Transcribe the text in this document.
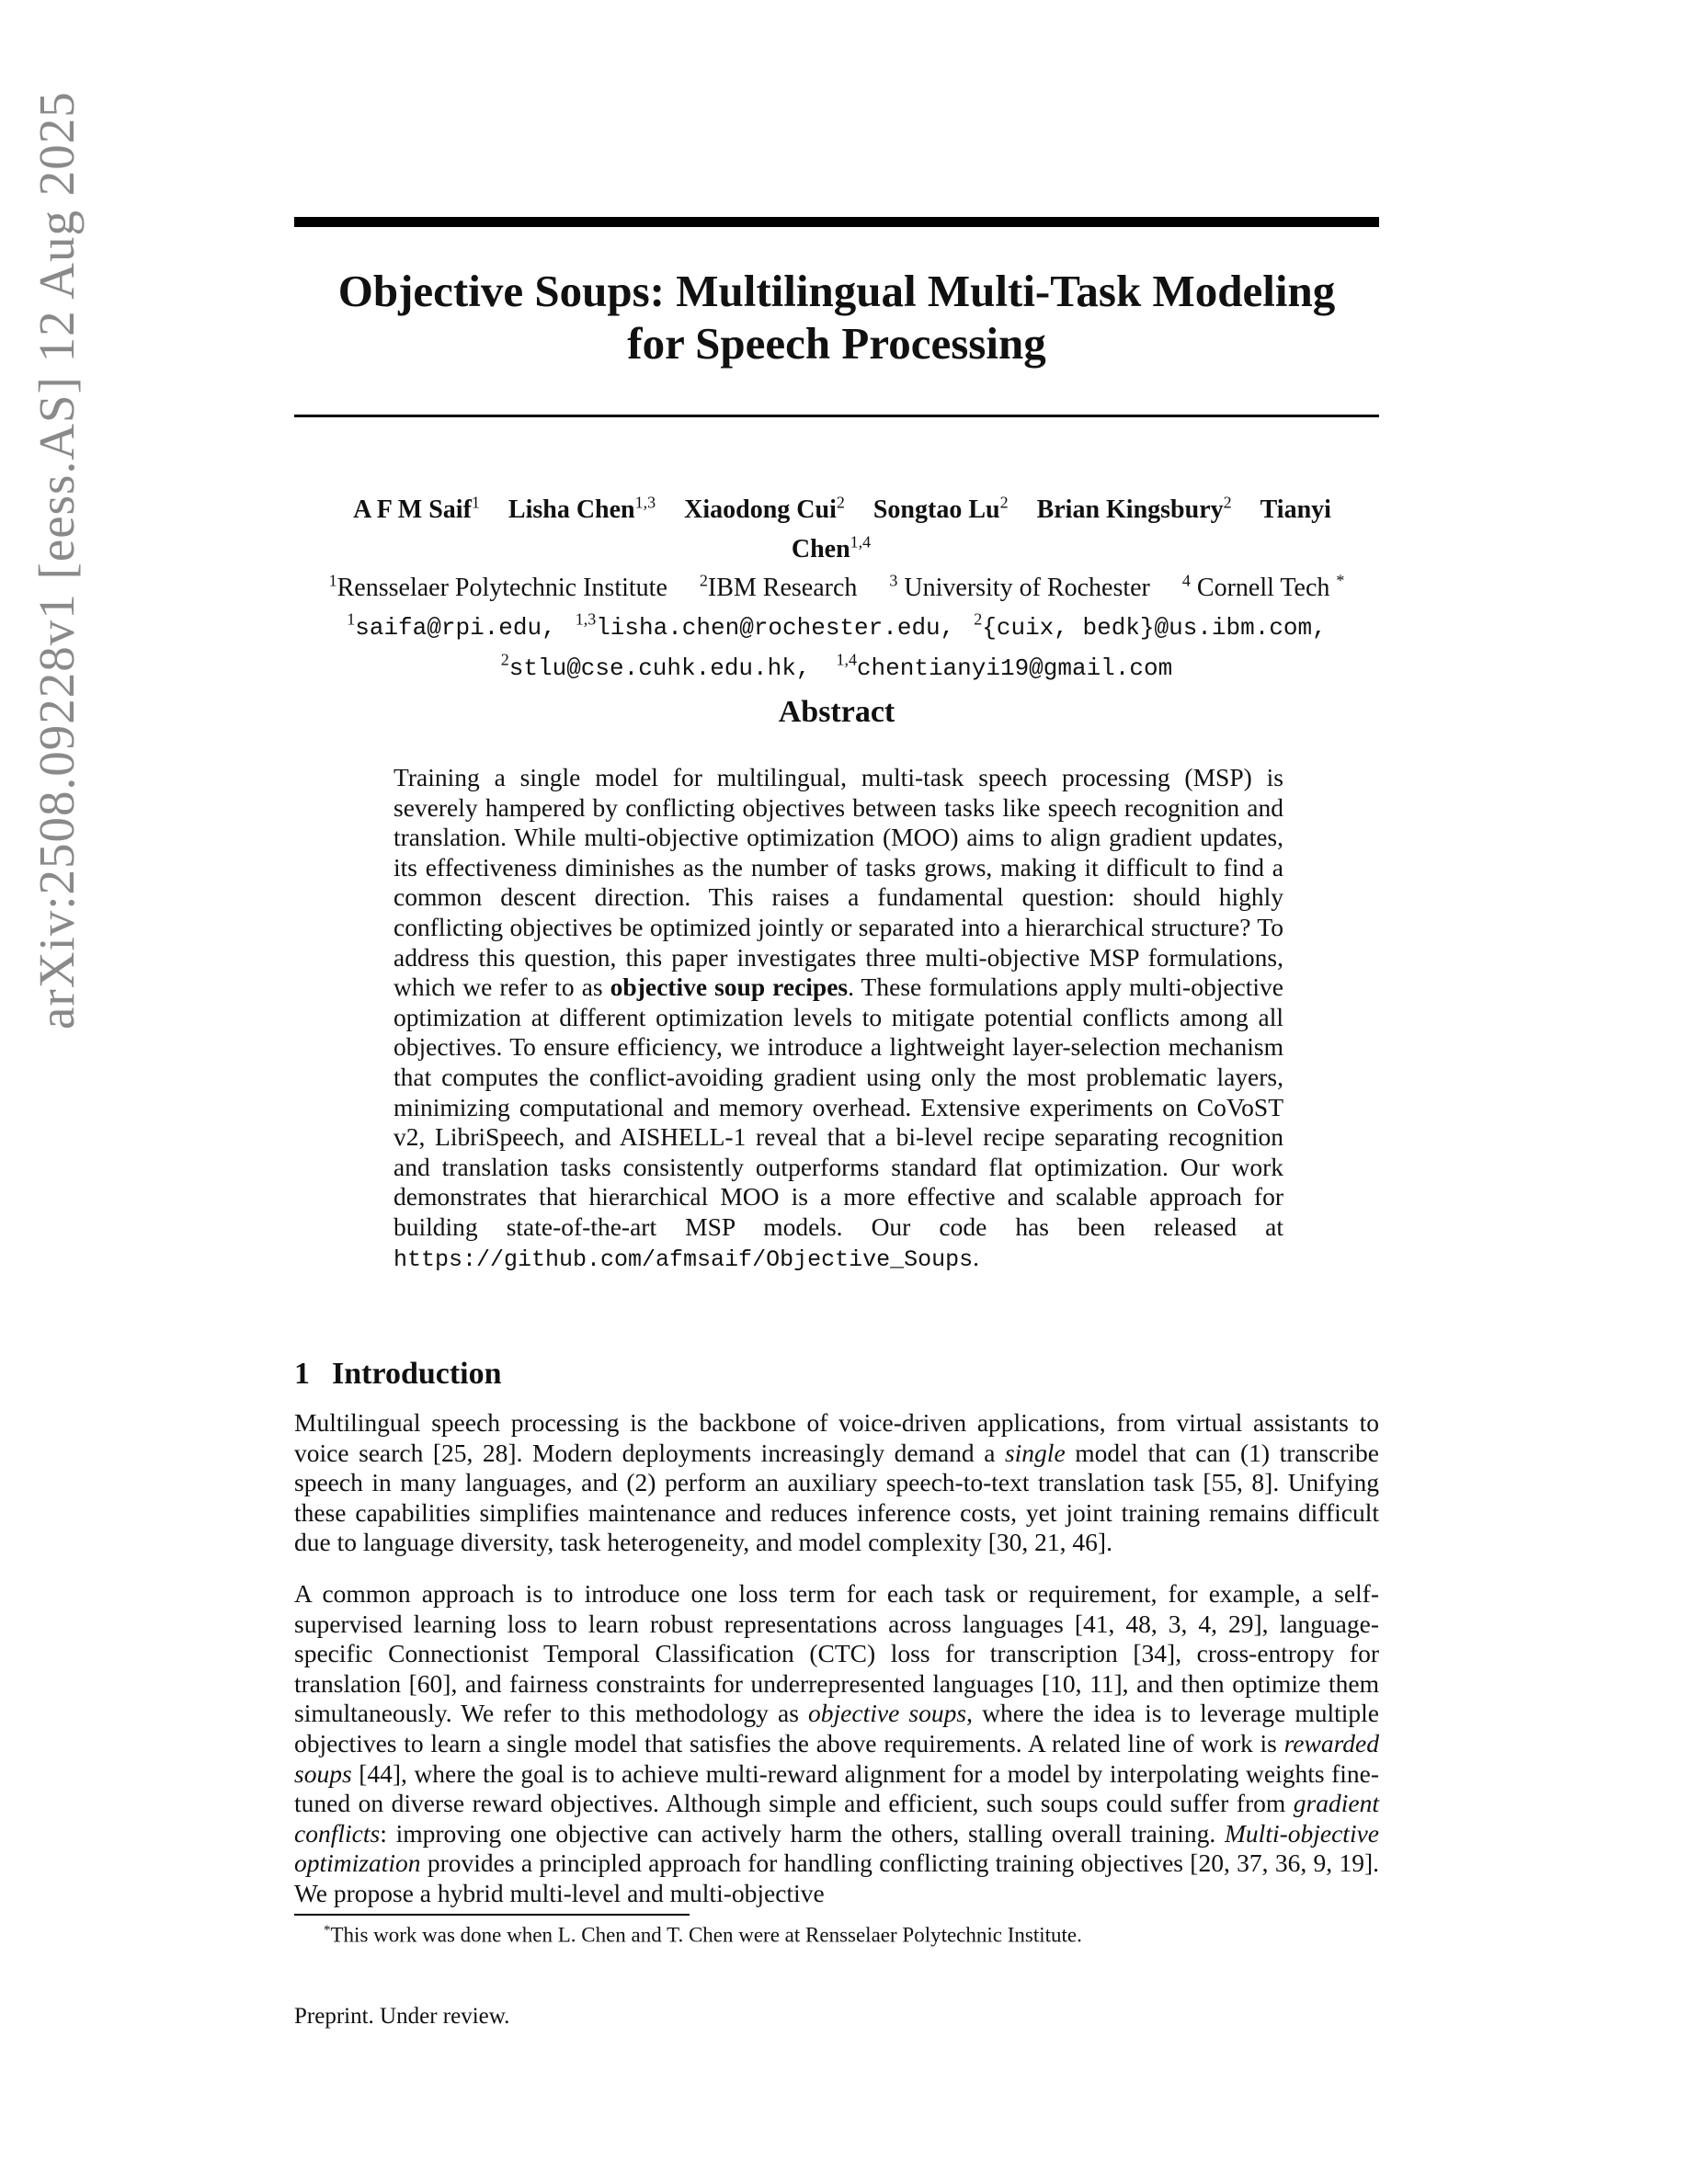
arXiv:2508.09228v1 [eess.AS] 12 Aug 2025	Objective Soups: Multilingual Multi-Task Modeling
for Speech Processing
A F M Saif$^1$ Lisha Chen$^{1,3}$ Xiaodong Cui$^2$ Songtao Lu$^2$ Brian Kingsbury$^2$ Tianyi Chen$^{1,4}$
$^1$Rensselaer Polytechnic Institute $^2$IBM Research $^3$ University of Rochester $^4$ Cornell Tech *
$^1$saifa@rpi.edu, $^{1,3}$lisha.chen@rochester.edu, $^2${cuix, bedk}@us.ibm.com,
$^2$stlu@cse.cuhk.edu.hk, $^{1,4}$chentianyi19@gmail.com
Abstract

Training a single model for multilingual, multi-task speech processing (MSP) is severely hampered by conflicting objectives between tasks like speech recognition and translation. While multi-objective optimization (MOO) aims to align gradient updates, its effectiveness diminishes as the number of tasks grows, making it difficult to find a common descent direction. This raises a fundamental question: should highly conflicting objectives be optimized jointly or separated into a hierarchical structure? To address this question, this paper investigates three multi-objective MSP formulations, which we refer to as objective soup recipes. These formulations apply multi-objective optimization at different optimization levels to mitigate potential conflicts among all objectives. To ensure efficiency, we introduce a lightweight layer-selection mechanism that computes the conflict-avoiding gradient using only the most problematic layers, minimizing computational and memory overhead. Extensive experiments on CoVoST v2, LibriSpeech, and AISHELL-1 reveal that a bi-level recipe separating recognition and translation tasks consistently outperforms standard flat optimization. Our work demonstrates that hierarchical MOO is a more effective and scalable approach for building state-of-the-art MSP models. Our code has been released at https://github.com/afmsaif/Objective_Soups.

1 Introduction

Multilingual speech processing is the backbone of voice-driven applications, from virtual assistants to voice search [25, 28]. Modern deployments increasingly demand a single model that can (1) transcribe speech in many languages, and (2) perform an auxiliary speech-to-text translation task [55, 8]. Unifying these capabilities simplifies maintenance and reduces inference costs, yet joint training remains difficult due to language diversity, task heterogeneity, and model complexity [30, 21, 46].

A common approach is to introduce one loss term for each task or requirement, for example, a self-supervised learning loss to learn robust representations across languages [41, 48, 3, 4, 29], language-specific Connectionist Temporal Classification (CTC) loss for transcription [34], cross-entropy for translation [60], and fairness constraints for underrepresented languages [10, 11], and then optimize them simultaneously. We refer to this methodology as objective soups, where the idea is to leverage multiple objectives to learn a single model that satisfies the above requirements. A related line of work is rewarded soups [44], where the goal is to achieve multi-reward alignment for a model by interpolating weights fine-tuned on diverse reward objectives. Although simple and efficient, such soups could suffer from gradient conflicts: improving one objective can actively harm the others, stalling overall training. Multi-objective optimization provides a principled approach for handling conflicting training objectives [20, 37, 36, 9, 19]. We propose a hybrid multi-level and multi-objective

*This work was done when L. Chen and T. Chen were at Rensselaer Polytechnic Institute.

Preprint. Under review.
